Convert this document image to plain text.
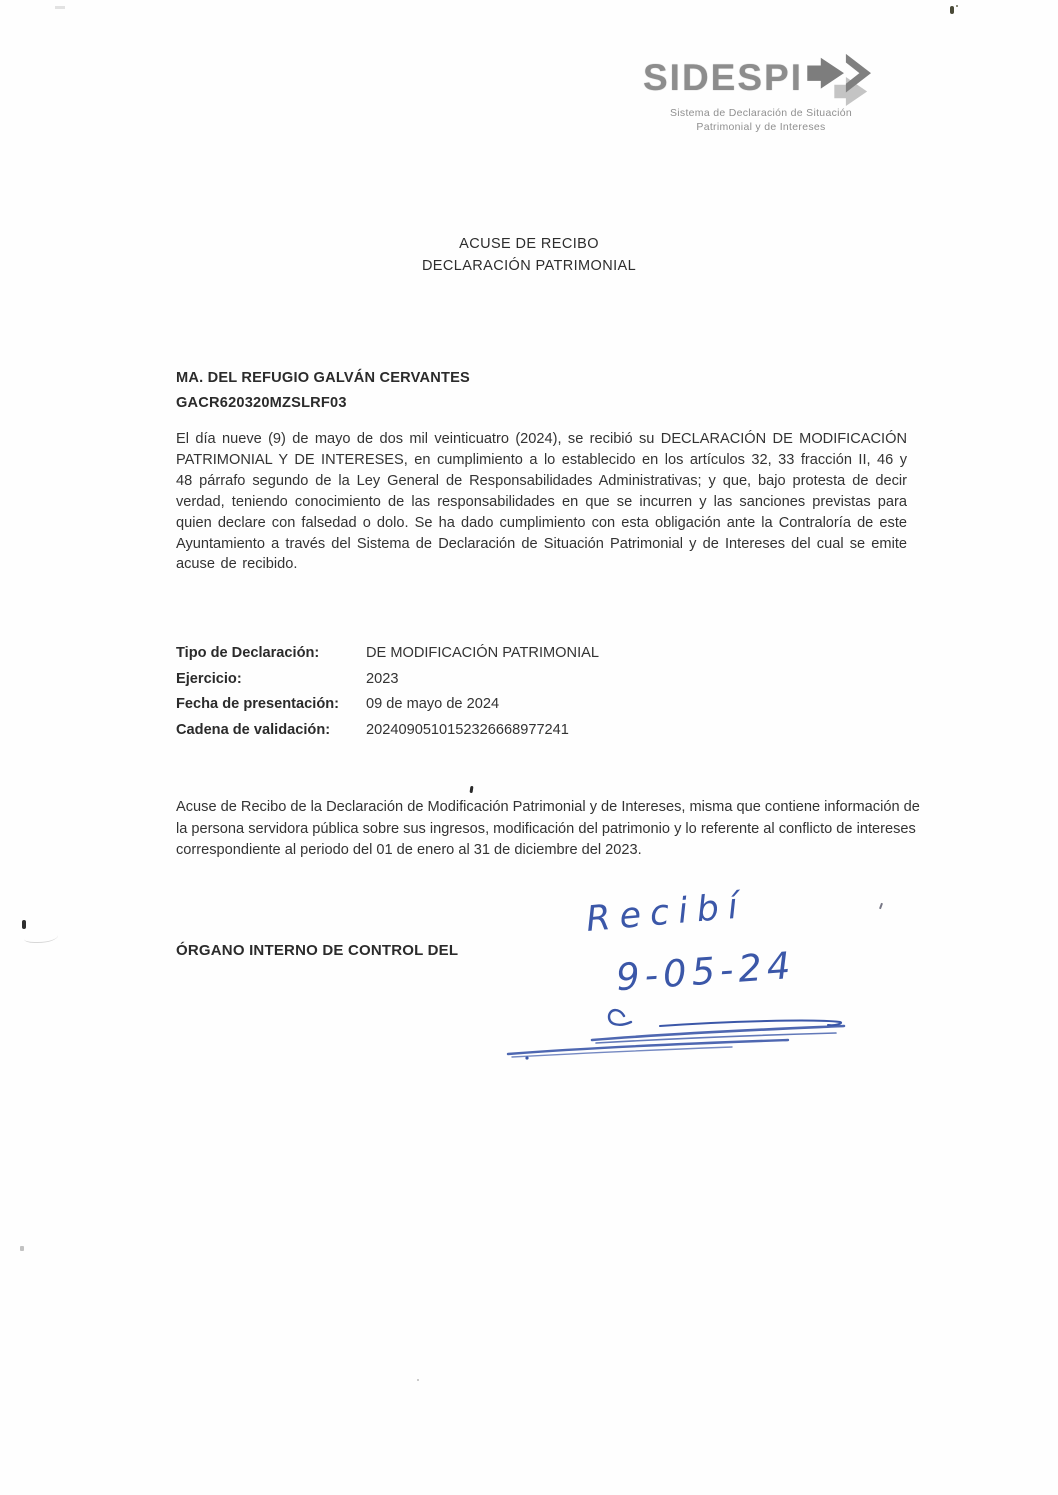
SIDESPI
Sistema de Declaración de Situación
Patrimonial y de Intereses
ACUSE DE RECIBO
DECLARACIÓN PATRIMONIAL
MA. DEL REFUGIO GALVÁN CERVANTES
GACR620320MZSLRF03
El día nueve (9) de mayo de dos mil veinticuatro (2024), se recibió su DECLARACIÓN DE MODIFICACIÓN PATRIMONIAL Y DE INTERESES, en cumplimiento a lo establecido en los artículos 32, 33 fracción II, 46 y 48 párrafo segundo de la Ley General de Responsabilidades Administrativas; y que, bajo protesta de decir verdad, teniendo conocimiento de las responsabilidades en que se incurren y las sanciones previstas para quien declare con falsedad o dolo. Se ha dado cumplimiento con esta obligación ante la Contraloría de este Ayuntamiento a través del Sistema de Declaración de Situación Patrimonial y de Intereses del cual se emite acuse de recibido.
Tipo de Declaración:	DE MODIFICACIÓN PATRIMONIAL
Ejercicio:	2023
Fecha de presentación:	09 de mayo de 2024
Cadena de validación:	2024090510152326668977241
Acuse de Recibo de la Declaración de Modificación Patrimonial y de Intereses, misma que contiene información de la persona servidora pública sobre sus ingresos, modificación del patrimonio y lo referente al conflicto de intereses correspondiente al periodo del 01 de enero al 31 de diciembre del 2023.
ÓRGANO INTERNO DE CONTROL DEL
Recibí
9-05-24
